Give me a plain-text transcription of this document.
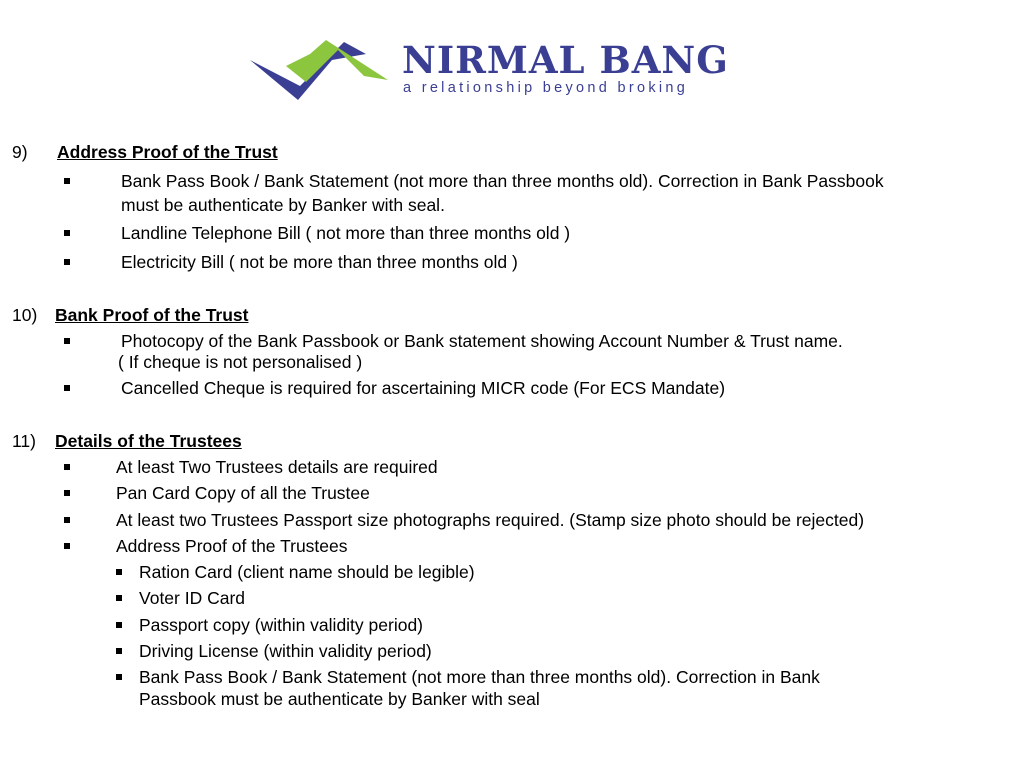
NIRMAL BANG
a relationship beyond broking
9) Address Proof of the Trust
Bank Pass Book / Bank Statement (not more than three months old). Correction in Bank Passbook
must be authenticate by Banker with seal.
Landline Telephone Bill ( not more than three months old )
Electricity Bill ( not be more than three months old )
10) Bank Proof of the Trust
Photocopy of the Bank Passbook or Bank statement showing Account Number & Trust name.
( If cheque is not personalised )
Cancelled Cheque is required for ascertaining MICR code (For ECS Mandate)
11) Details of the Trustees
At least Two Trustees details are required
Pan Card Copy of all the Trustee
At least two Trustees Passport size photographs required. (Stamp size photo should be rejected)
Address Proof of the Trustees
Ration Card (client name should be legible)
Voter ID Card
Passport copy (within validity period)
Driving License (within validity period)
Bank Pass Book / Bank Statement (not more than three months old). Correction in Bank
Passbook must be authenticate by Banker with seal
